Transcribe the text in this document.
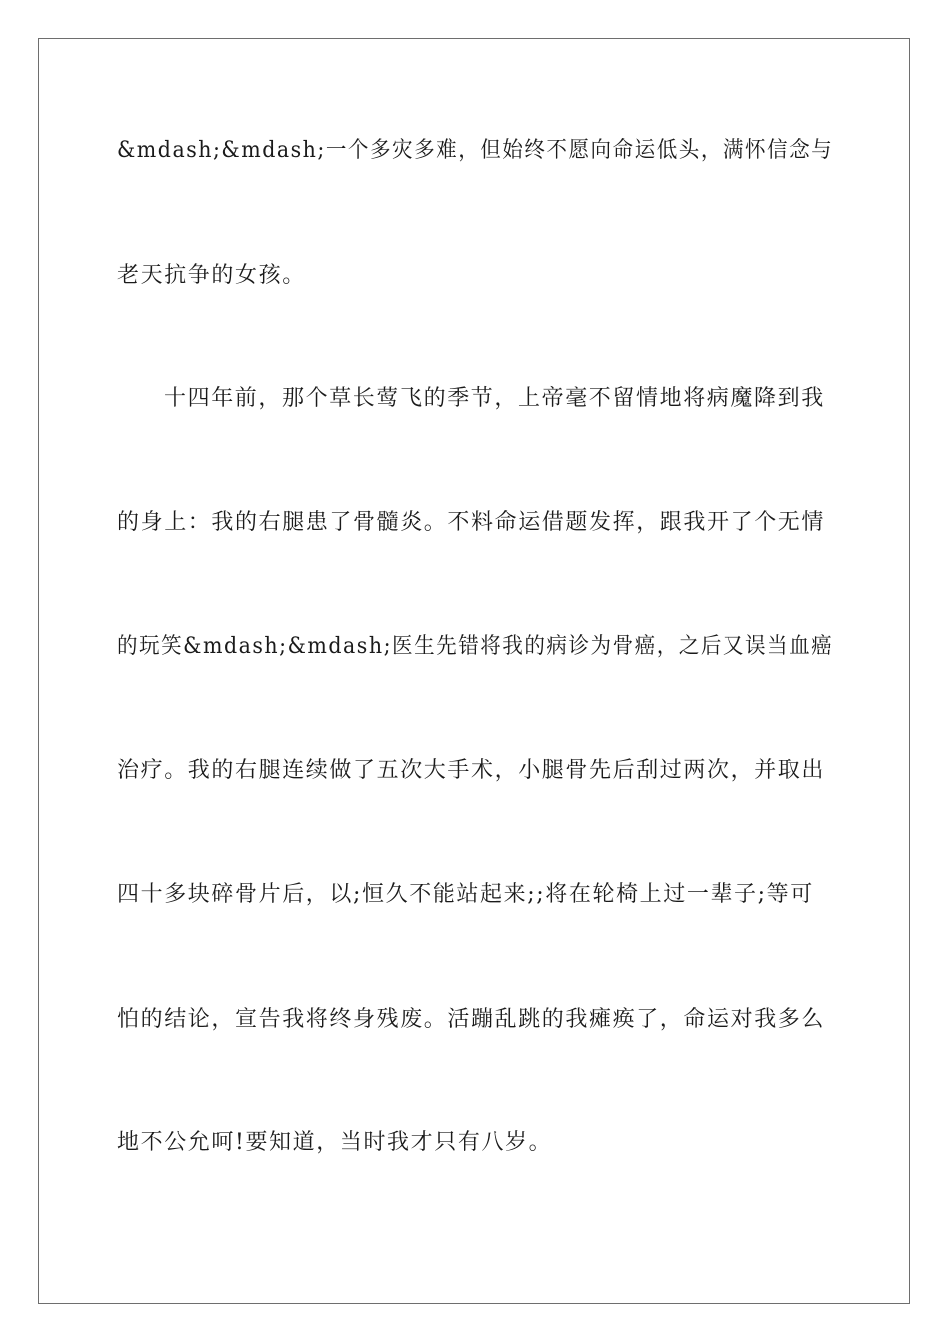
&mdash;&mdash;一个多灾多难，但始终不愿向命运低头，满怀信念与
老天抗争的女孩。
十四年前，那个草长莺飞的季节，上帝毫不留情地将病魔降到我
的身上：我的右腿患了骨髓炎。不料命运借题发挥，跟我开了个无情
的玩笑&mdash;&mdash;医生先错将我的病诊为骨癌，之后又误当血癌
治疗。我的右腿连续做了五次大手术，小腿骨先后刮过两次，并取出
四十多块碎骨片后，以;恒久不能站起来;;将在轮椅上过一辈子;等可
怕的结论，宣告我将终身残废。活蹦乱跳的我瘫痪了，命运对我多么
地不公允呵!要知道，当时我才只有八岁。
